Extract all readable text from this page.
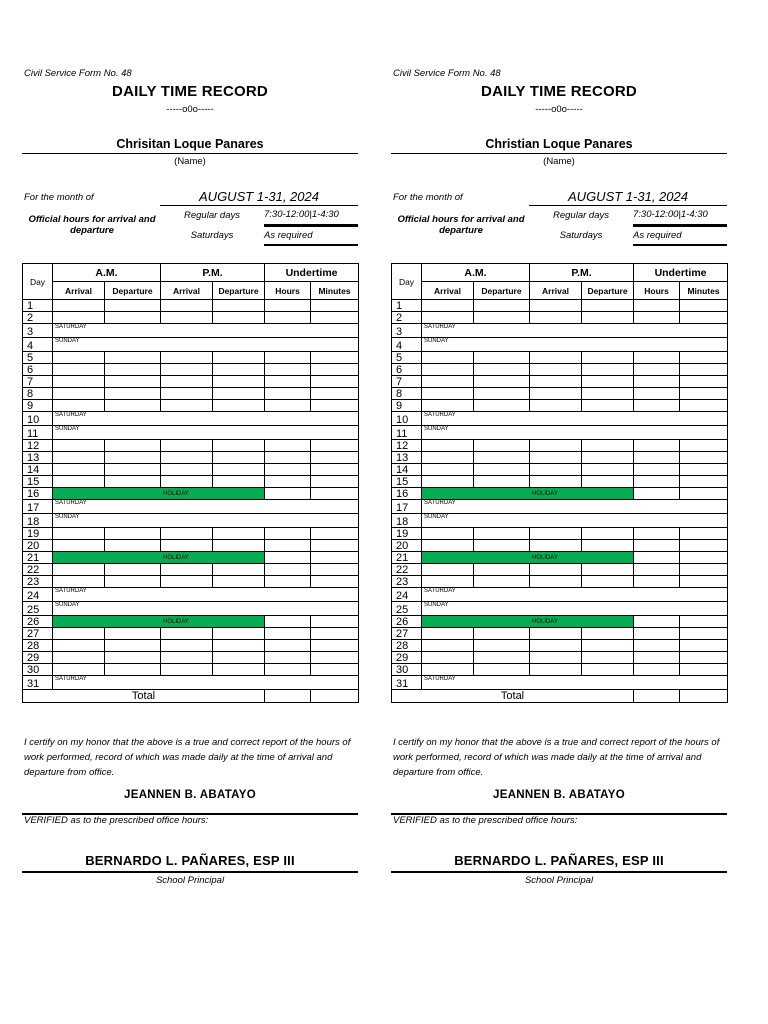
Civil Service Form No. 48
DAILY TIME RECORD
-----o0o-----
Chrisitan Loque Panares
(Name)
For the month of	AUGUST 1-31, 2024
Official hours for arrival and departure
Regular days	7:30-12:00|1-4:30
Saturdays	As required
Day	A.M.		P.M.		Undertime	
	Arrival	Departure	Arrival	Departure	Hours	Minutes
1						
2						
3	SATURDAY					
4	SUNDAY					
5						
6						
7						
8						
9						
10	SATURDAY					
11	SUNDAY					
12						
13						
14						
15						
16	HOLIDAY					
17	SATURDAY					
18	SUNDAY					
19						
20						
21	HOLIDAY					
22						
23						
24	SATURDAY					
25	SUNDAY					
26	HOLIDAY					
27						
28						
29						
30						
31	SATURDAY					
Total						
I certify on my honor that the above is a true and correct report of the hours of work performed, record of which was made daily at the time of arrival and departure from office.
JEANNEN B. ABATAYO
VERIFIED as to the prescribed office hours:
BERNARDO L. PAÑARES, ESP III
School Principal
Civil Service Form No. 48
DAILY TIME RECORD
-----o0o-----
Christian Loque Panares
(Name)
For the month of	AUGUST 1-31, 2024
Official hours for arrival and departure
Regular days	7:30-12:00|1-4:30
Saturdays	As required
Day	A.M.		P.M.		Undertime	
	Arrival	Departure	Arrival	Departure	Hours	Minutes
1						
2						
3	SATURDAY					
4	SUNDAY					
5						
6						
7						
8						
9						
10	SATURDAY					
11	SUNDAY					
12						
13						
14						
15						
16	HOLIDAY					
17	SATURDAY					
18	SUNDAY					
19						
20						
21	HOLIDAY					
22						
23						
24	SATURDAY					
25	SUNDAY					
26	HOLIDAY					
27						
28						
29						
30						
31	SATURDAY					
Total						
I certify on my honor that the above is a true and correct report of the hours of work performed, record of which was made daily at the time of arrival and departure from office.
JEANNEN B. ABATAYO
VERIFIED as to the prescribed office hours:
BERNARDO L. PAÑARES, ESP III
School Principal
